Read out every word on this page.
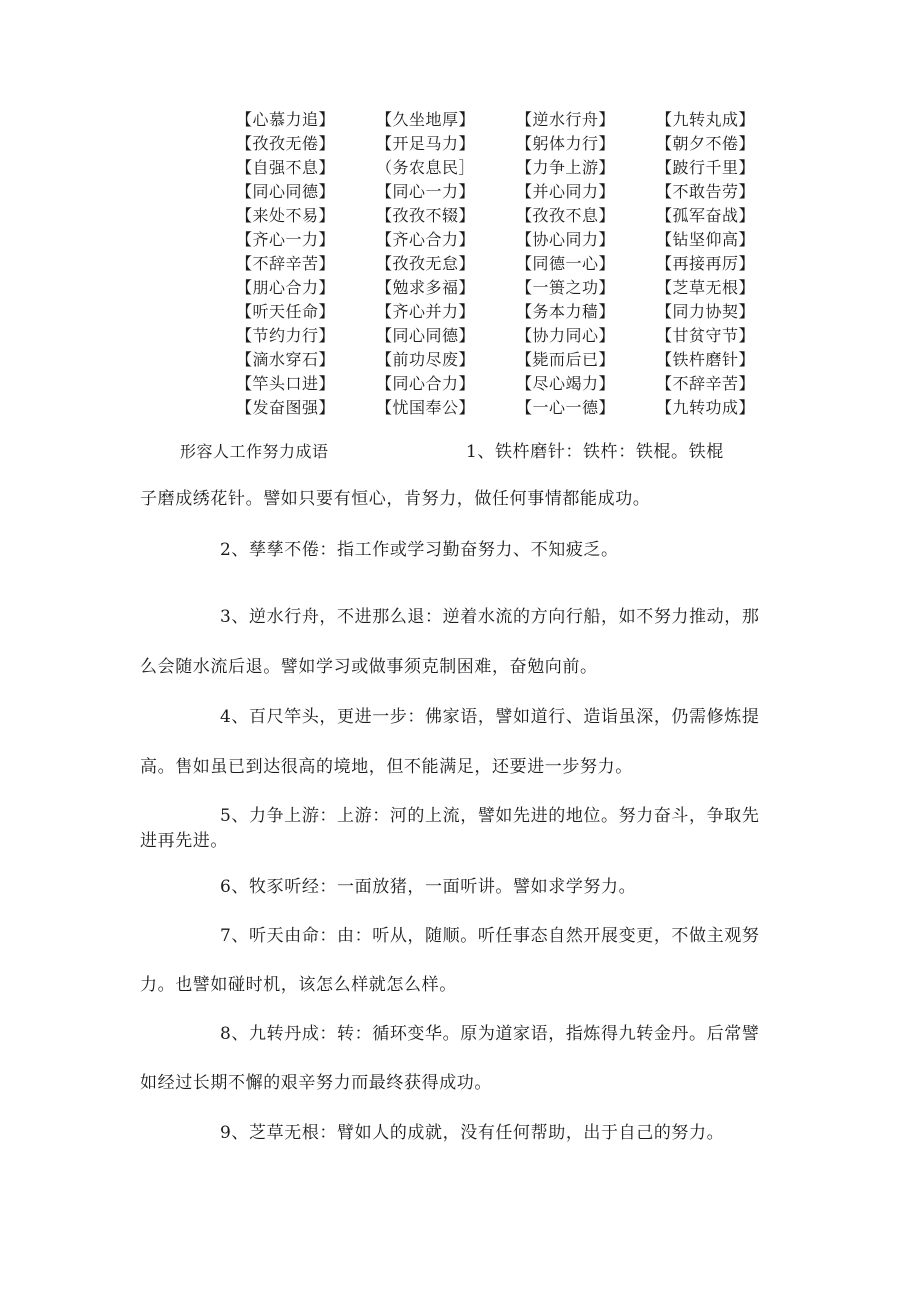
【心慕力追】	【久坐地厚】	【逆水行舟】	【九转丸成】
【孜孜无倦】	【开足马力】	【躬体力行】	【朝夕不倦】
【自强不息】	（务农息民］	【力争上游】	【跛行千里】
【同心同德】	【同心一力】	【并心同力】	【不敢告劳】
【来处不易】	【孜孜不辍】	【孜孜不息】	【孤军奋战】
【齐心一力】	【齐心合力】	【协心同力】	【钻坚仰高】
【不辞辛苦】	【孜孜无怠】	【同德一心】	【再接再厉】
【朋心合力】	【勉求多福】	【一篑之功】	【芝草无根】
【听天任命】	【齐心并力】	【务本力穑】	【同力协契】
【节约力行】	【同心同德】	【协力同心】	【甘贫守节】
【滴水穿石】	【前功尽废】	【毙而后已】	【铁杵磨针】
【竿头口进】	【同心合力】	【尽心竭力】	【不辞辛苦】
【发奋图强】	【忧国奉公】	【一心一德】	【九转功成】
形容人工作努力成语	1、铁杵磨针：铁杵：铁棍。铁棍
子磨成绣花针。譬如只要有恒心，肯努力，做任何事情都能成功。
2、孳孳不倦：指工作或学习勤奋努力、不知疲乏。
3、逆水行舟，不进那么退：逆着水流的方向行船，如不努力推动，那
么会随水流后退。譬如学习或做事须克制困难，奋勉向前。
4、百尺竿头，更进一步：佛家语，譬如道行、造诣虽深，仍需修炼提
高。售如虽已到达很高的境地，但不能满足，还要进一步努力。
5、力争上游：上游：河的上流，譬如先进的地位。努力奋斗，争取先
进再先进。
6、牧豕听经：一面放猪，一面听讲。譬如求学努力。
7、听天由命：由：听从，随顺。听任事态自然开展变更，不做主观努
力。也譬如碰时机，该怎么样就怎么样。
8、九转丹成：转：循环变华。原为道家语，指炼得九转金丹。后常譬
如经过长期不懈的艰辛努力而最终获得成功。
9、芝草无根：臂如人的成就，没有任何帮助，出于自己的努力。
